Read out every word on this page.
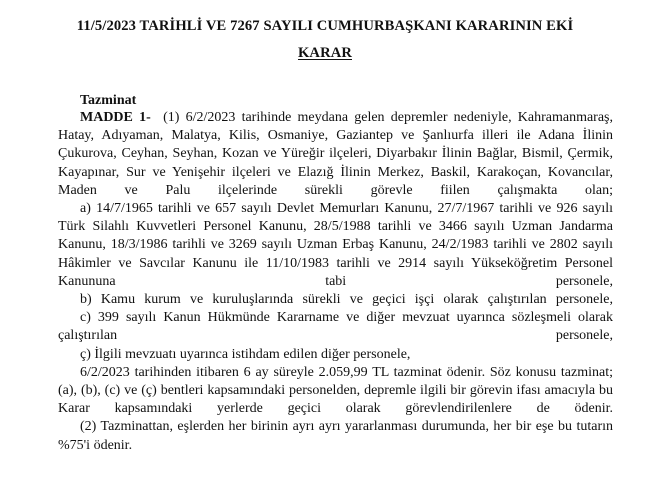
11/5/2023 TARİHLİ VE 7267 SAYILI CUMHURBAŞKANI KARARININ EKİ
KARAR
Tazminat

MADDE 1- (1) 6/2/2023 tarihinde meydana gelen depremler nedeniyle, Kahramanmaraş, Hatay, Adıyaman, Malatya, Kilis, Osmaniye, Gaziantep ve Şanlıurfa illeri ile Adana İlinin Çukurova, Ceyhan, Seyhan, Kozan ve Yüreğir ilçeleri, Diyarbakır İlinin Bağlar, Bismil, Çermik, Kayapınar, Sur ve Yenişehir ilçeleri ve Elazığ İlinin Merkez, Baskil, Karakoçan, Kovancılar, Maden ve Palu ilçelerinde sürekli görevle fiilen çalışmakta olan;

a) 14/7/1965 tarihli ve 657 sayılı Devlet Memurları Kanunu, 27/7/1967 tarihli ve 926 sayılı Türk Silahlı Kuvvetleri Personel Kanunu, 28/5/1988 tarihli ve 3466 sayılı Uzman Jandarma Kanunu, 18/3/1986 tarihli ve 3269 sayılı Uzman Erbaş Kanunu, 24/2/1983 tarihli ve 2802 sayılı Hâkimler ve Savcılar Kanunu ile 11/10/1983 tarihli ve 2914 sayılı Yükseköğretim Personel Kanununa tabi personele,

b) Kamu kurum ve kuruluşlarında sürekli ve geçici işçi olarak çalıştırılan personele,

c) 399 sayılı Kanun Hükmünde Kararname ve diğer mevzuat uyarınca sözleşmeli olarak çalıştırılan personele,

ç) İlgili mevzuatı uyarınca istihdam edilen diğer personele,

6/2/2023 tarihinden itibaren 6 ay süreyle 2.059,99 TL tazminat ödenir. Söz konusu tazminat; (a), (b), (c) ve (ç) bentleri kapsamındaki personelden, depremle ilgili bir görevin ifası amacıyla bu Karar kapsamındaki yerlerde geçici olarak görevlendirilenlere de ödenir.

(2) Tazminattan, eşlerden her birinin ayrı ayrı yararlanması durumunda, her bir eşe bu tutarın %75'i ödenir.
